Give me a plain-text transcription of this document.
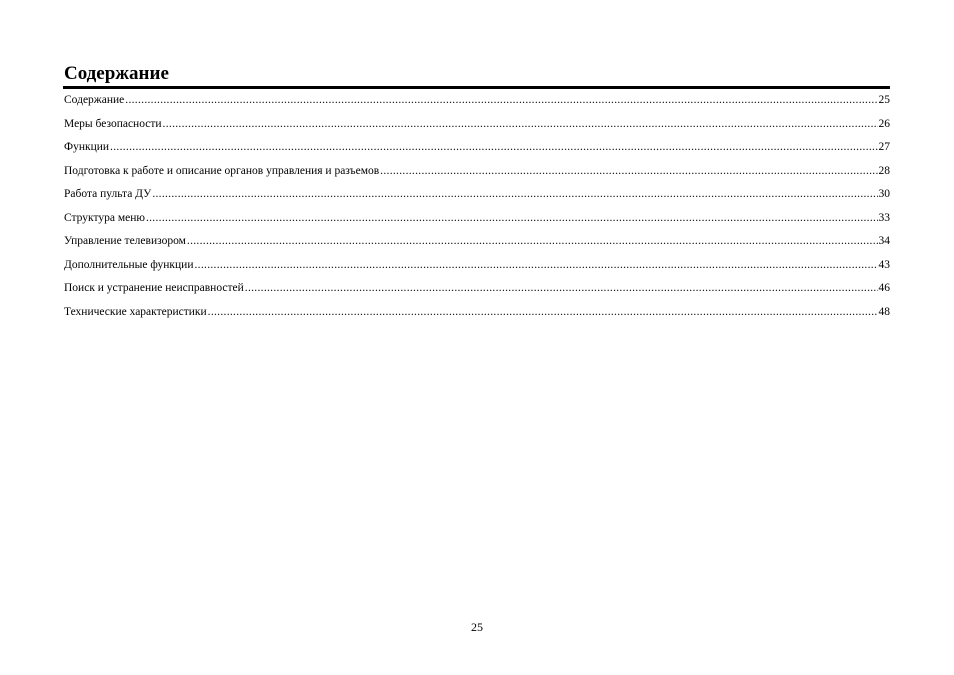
Содержание
Содержание .....	25
Меры безопасности .....	26
Функции .....	27
Подготовка к работе и описание органов управления и разъемов .....	28
Работа пульта ДУ .....	30
Структура меню .....	33
Управление телевизором .....	34
Дополнительные функции .....	43
Поиск и устранение неисправностей .....	46
Технические характеристики .....	48
25
